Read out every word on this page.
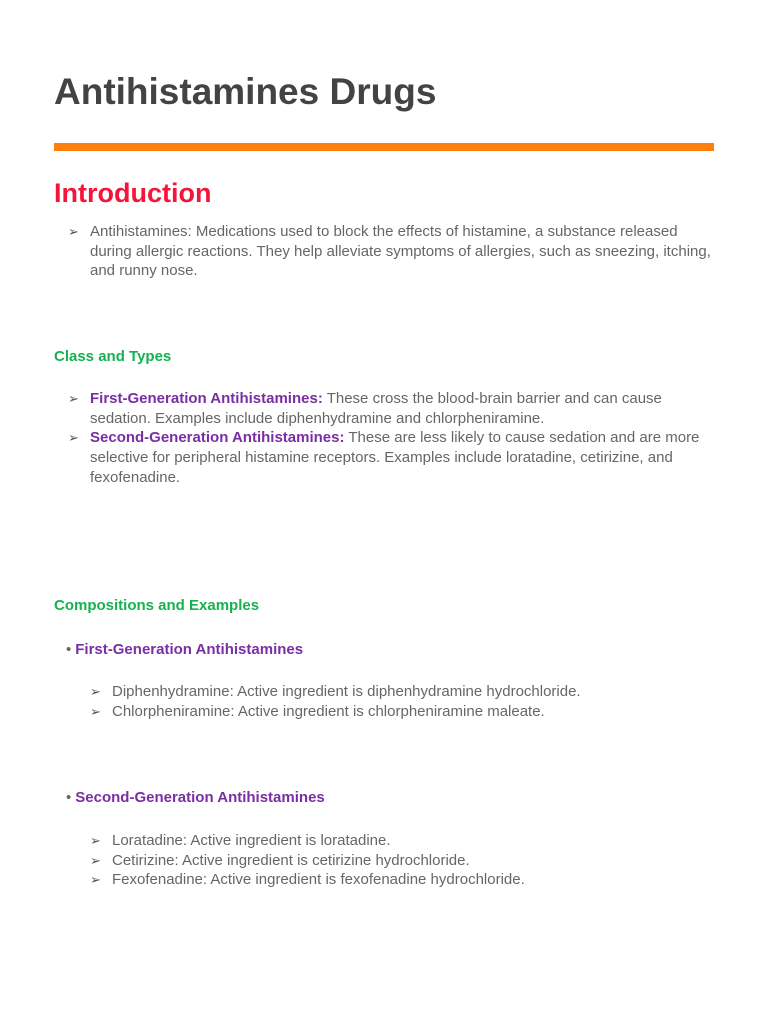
Antihistamines Drugs
Introduction
➢ Antihistamines: Medications used to block the effects of histamine, a substance released during allergic reactions. They help alleviate symptoms of allergies, such as sneezing, itching, and runny nose.
Class and Types
➢ First-Generation Antihistamines: These cross the blood-brain barrier and can cause sedation. Examples include diphenhydramine and chlorpheniramine.
➢ Second-Generation Antihistamines: These are less likely to cause sedation and are more selective for peripheral histamine receptors. Examples include loratadine, cetirizine, and fexofenadine.
Compositions and Examples
• First-Generation Antihistamines
➢ Diphenhydramine: Active ingredient is diphenhydramine hydrochloride.
➢ Chlorpheniramine: Active ingredient is chlorpheniramine maleate.
• Second-Generation Antihistamines
➢ Loratadine: Active ingredient is loratadine.
➢ Cetirizine: Active ingredient is cetirizine hydrochloride.
➢ Fexofenadine: Active ingredient is fexofenadine hydrochloride.
